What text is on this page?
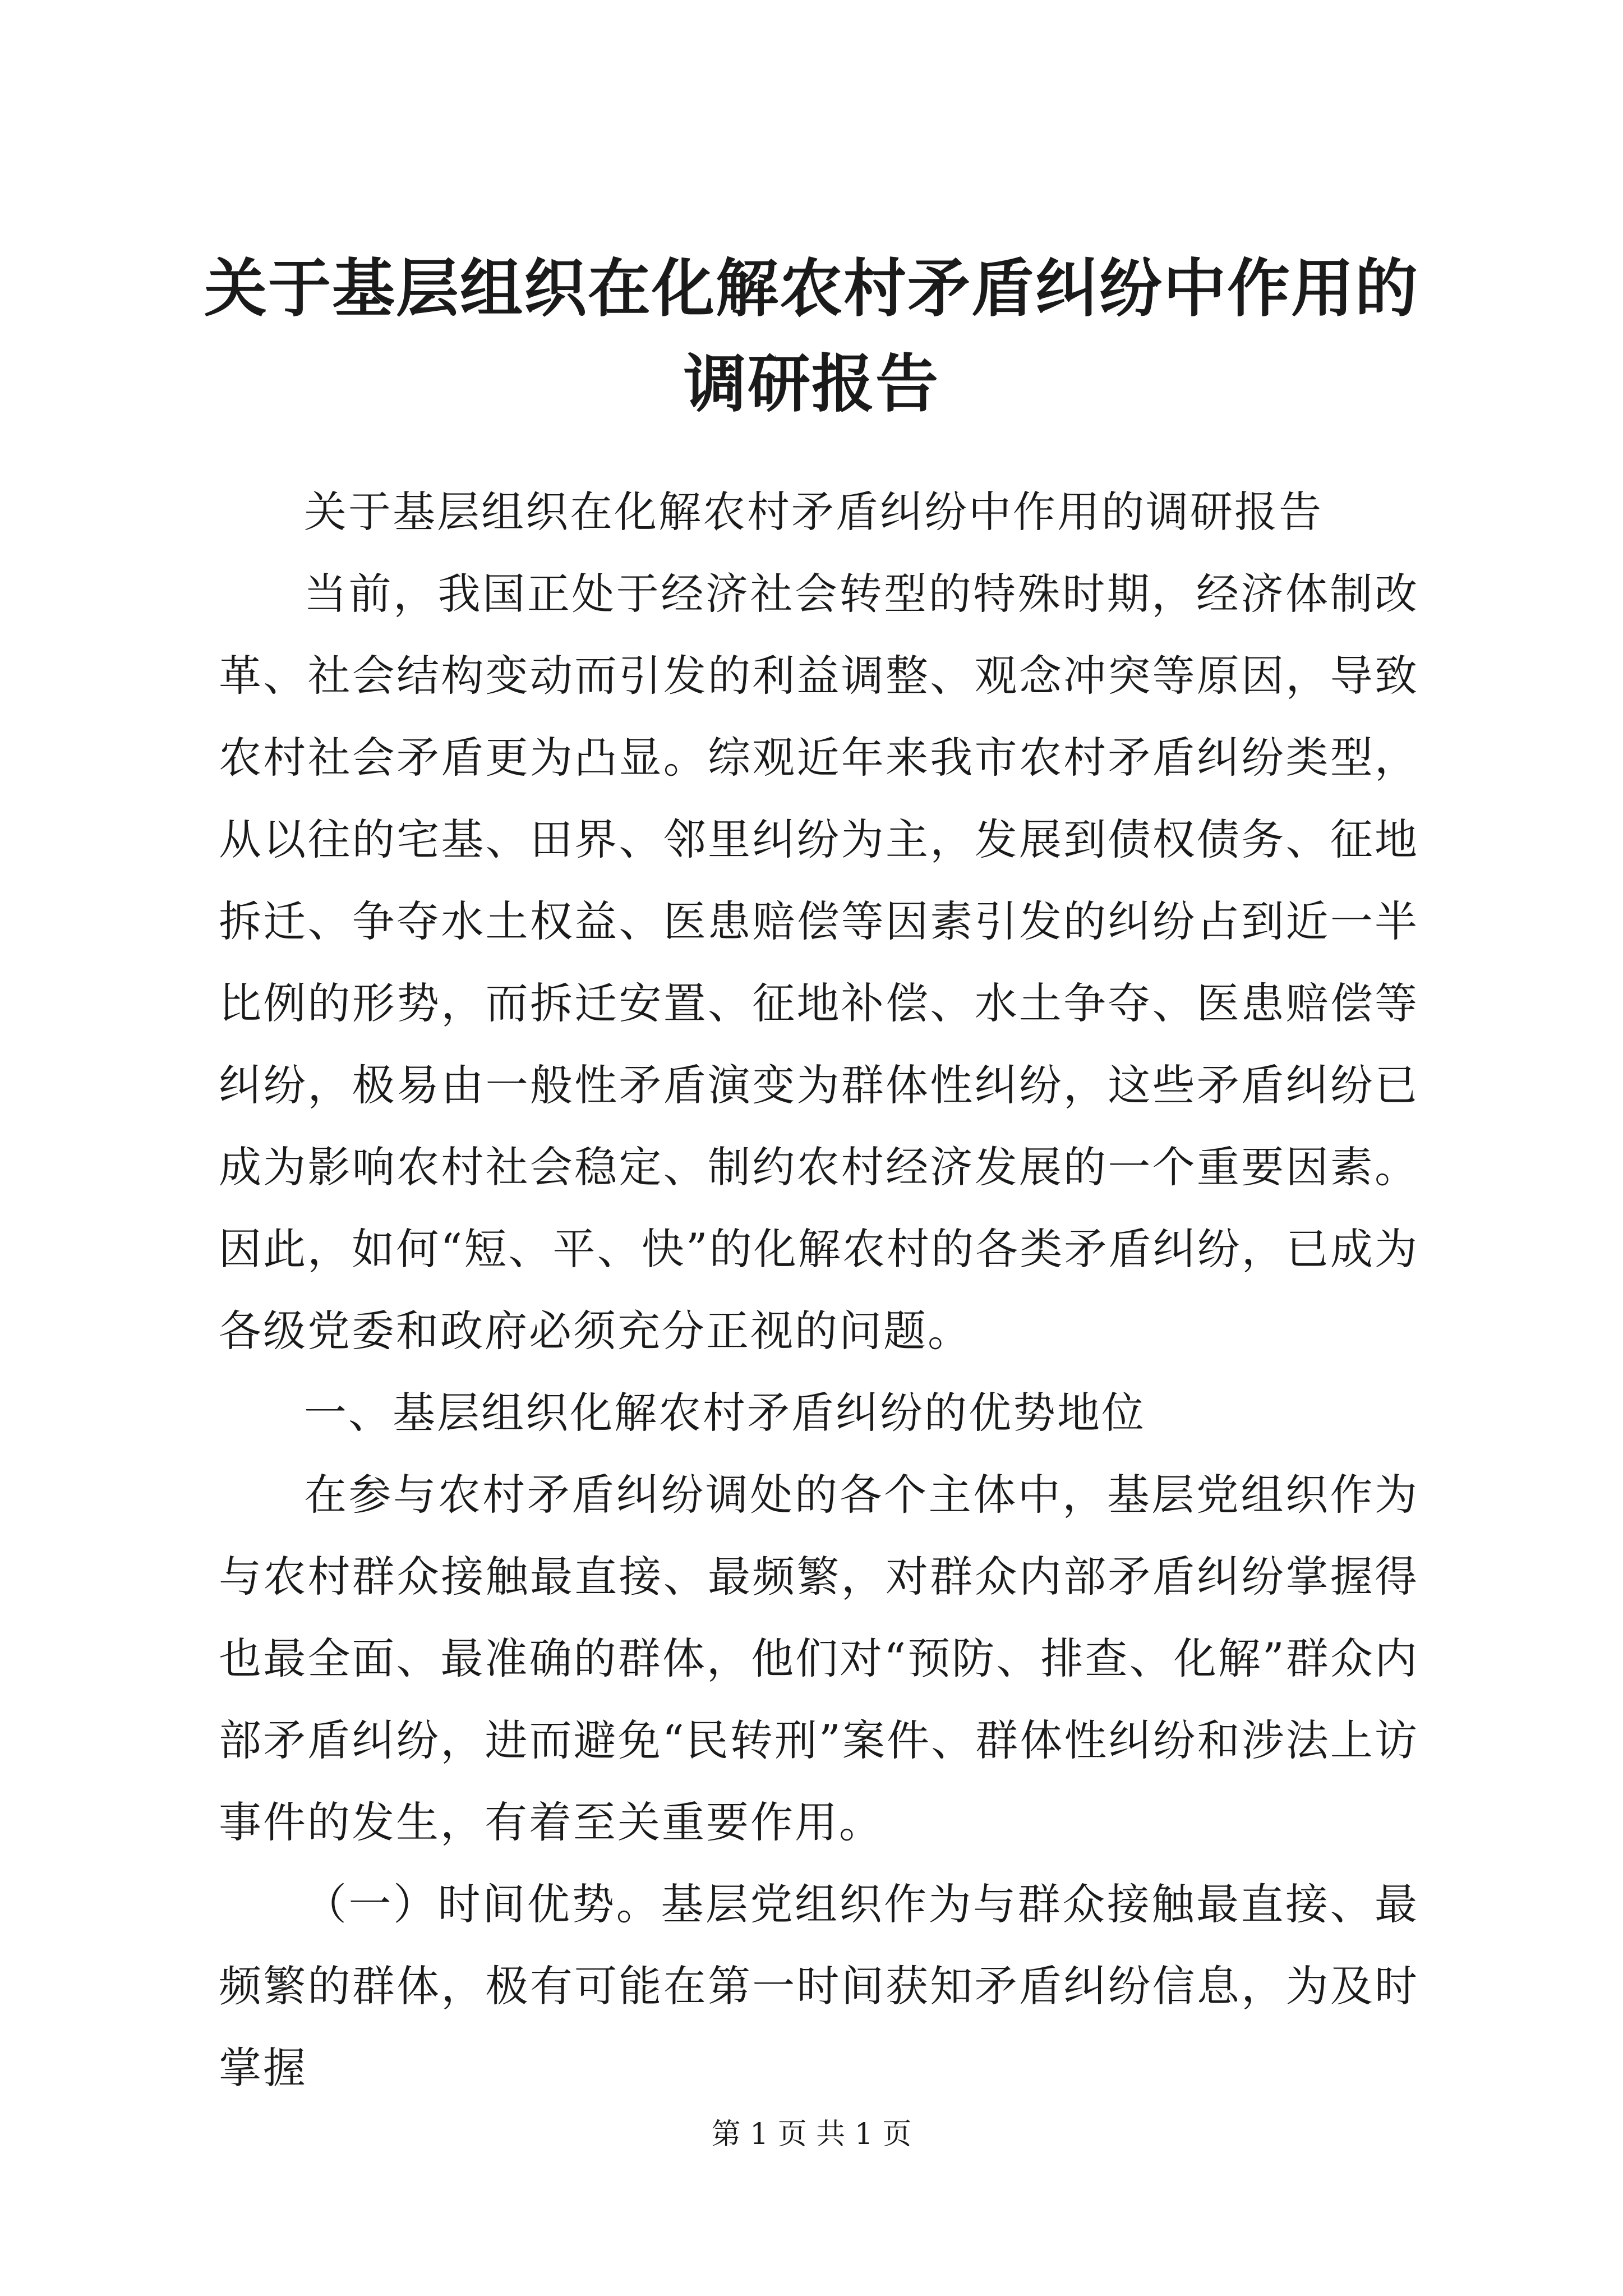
关于基层组织在化解农村矛盾纠纷中作用的调研报告

关于基层组织在化解农村矛盾纠纷中作用的调研报告

当前，我国正处于经济社会转型的特殊时期，经济体制改革、社会结构变动而引发的利益调整、观念冲突等原因，导致农村社会矛盾更为凸显。综观近年来我市农村矛盾纠纷类型，从以往的宅基、田界、邻里纠纷为主，发展到债权债务、征地拆迁、争夺水土权益、医患赔偿等因素引发的纠纷占到近一半比例的形势，而拆迁安置、征地补偿、水土争夺、医患赔偿等纠纷，极易由一般性矛盾演变为群体性纠纷，这些矛盾纠纷已成为影响农村社会稳定、制约农村经济发展的一个重要因素。因此，如何“短、平、快”的化解农村的各类矛盾纠纷，已成为各级党委和政府必须充分正视的问题。

一、基层组织化解农村矛盾纠纷的优势地位

在参与农村矛盾纠纷调处的各个主体中，基层党组织作为与农村群众接触最直接、最频繁，对群众内部矛盾纠纷掌握得也最全面、最准确的群体，他们对“预防、排查、化解”群众内部矛盾纠纷，进而避免“民转刑”案件、群体性纠纷和涉法上访事件的发生，有着至关重要作用。

（一）时间优势。基层党组织作为与群众接触最直接、最频繁的群体，极有可能在第一时间获知矛盾纠纷信息，为及时掌握

第 1 页 共 1 页
